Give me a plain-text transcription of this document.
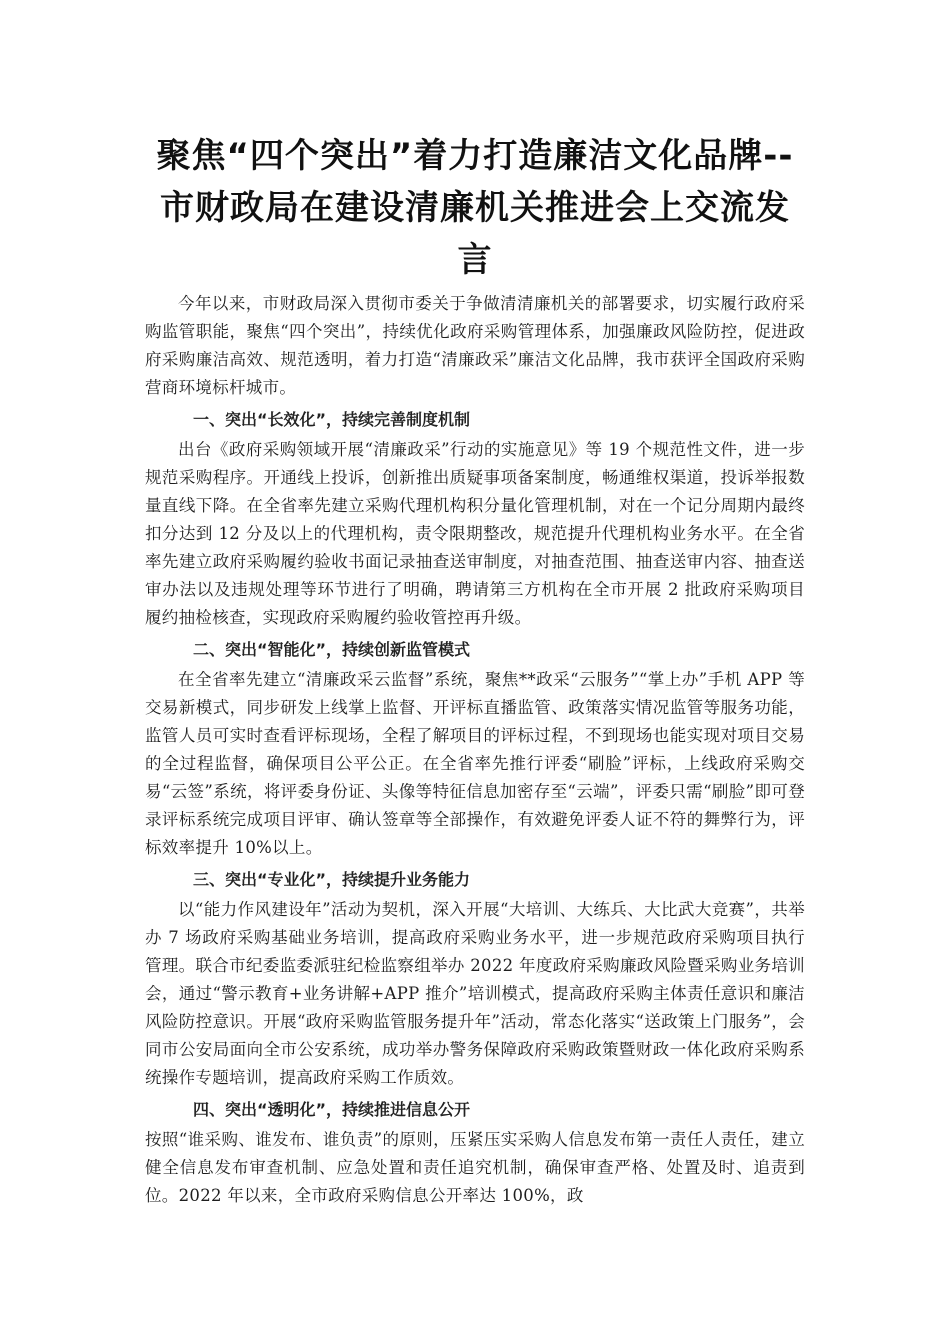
聚焦“四个突出”着力打造廉洁文化品牌--市财政局在建设清廉机关推进会上交流发言

今年以来，市财政局深入贯彻市委关于争做清清廉机关的部署要求，切实履行政府采购监管职能，聚焦“四个突出”，持续优化政府采购管理体系，加强廉政风险防控，促进政府采购廉洁高效、规范透明，着力打造“清廉政采”廉洁文化品牌，我市获评全国政府采购营商环境标杆城市。

一、突出“长效化”，持续完善制度机制

出台《政府采购领域开展“清廉政采”行动的实施意见》等 19 个规范性文件，进一步规范采购程序。开通线上投诉，创新推出质疑事项备案制度，畅通维权渠道，投诉举报数量直线下降。在全省率先建立采购代理机构积分量化管理机制，对在一个记分周期内最终扣分达到 12 分及以上的代理机构，责令限期整改，规范提升代理机构业务水平。在全省率先建立政府采购履约验收书面记录抽查送审制度，对抽查范围、抽查送审内容、抽查送审办法以及违规处理等环节进行了明确，聘请第三方机构在全市开展 2 批政府采购项目履约抽检核查，实现政府采购履约验收管控再升级。

二、突出“智能化”，持续创新监管模式

在全省率先建立“清廉政采云监督”系统，聚焦**政采“云服务”“掌上办”手机 APP 等交易新模式，同步研发上线掌上监督、开评标直播监管、政策落实情况监管等服务功能，监管人员可实时查看评标现场，全程了解项目的评标过程，不到现场也能实现对项目交易的全过程监督，确保项目公平公正。在全省率先推行评委“刷脸”评标，上线政府采购交易“云签”系统，将评委身份证、头像等特征信息加密存至“云端”，评委只需“刷脸”即可登录评标系统完成项目评审、确认签章等全部操作，有效避免评委人证不符的舞弊行为，评标效率提升 10%以上。

三、突出“专业化”，持续提升业务能力

以“能力作风建设年”活动为契机，深入开展“大培训、大练兵、大比武大竞赛”，共举办 7 场政府采购基础业务培训，提高政府采购业务水平，进一步规范政府采购项目执行管理。联合市纪委监委派驻纪检监察组举办 2022 年度政府采购廉政风险暨采购业务培训会，通过“警示教育+业务讲解+APP 推介”培训模式，提高政府采购主体责任意识和廉洁风险防控意识。开展“政府采购监管服务提升年”活动，常态化落实“送政策上门服务”，会同市公安局面向全市公安系统，成功举办警务保障政府采购政策暨财政一体化政府采购系统操作专题培训，提高政府采购工作质效。

四、突出“透明化”，持续推进信息公开

按照“谁采购、谁发布、谁负责”的原则，压紧压实采购人信息发布第一责任人责任，建立健全信息发布审查机制、应急处置和责任追究机制，确保审查严格、处置及时、追责到位。2022 年以来，全市政府采购信息公开率达 100%，政
